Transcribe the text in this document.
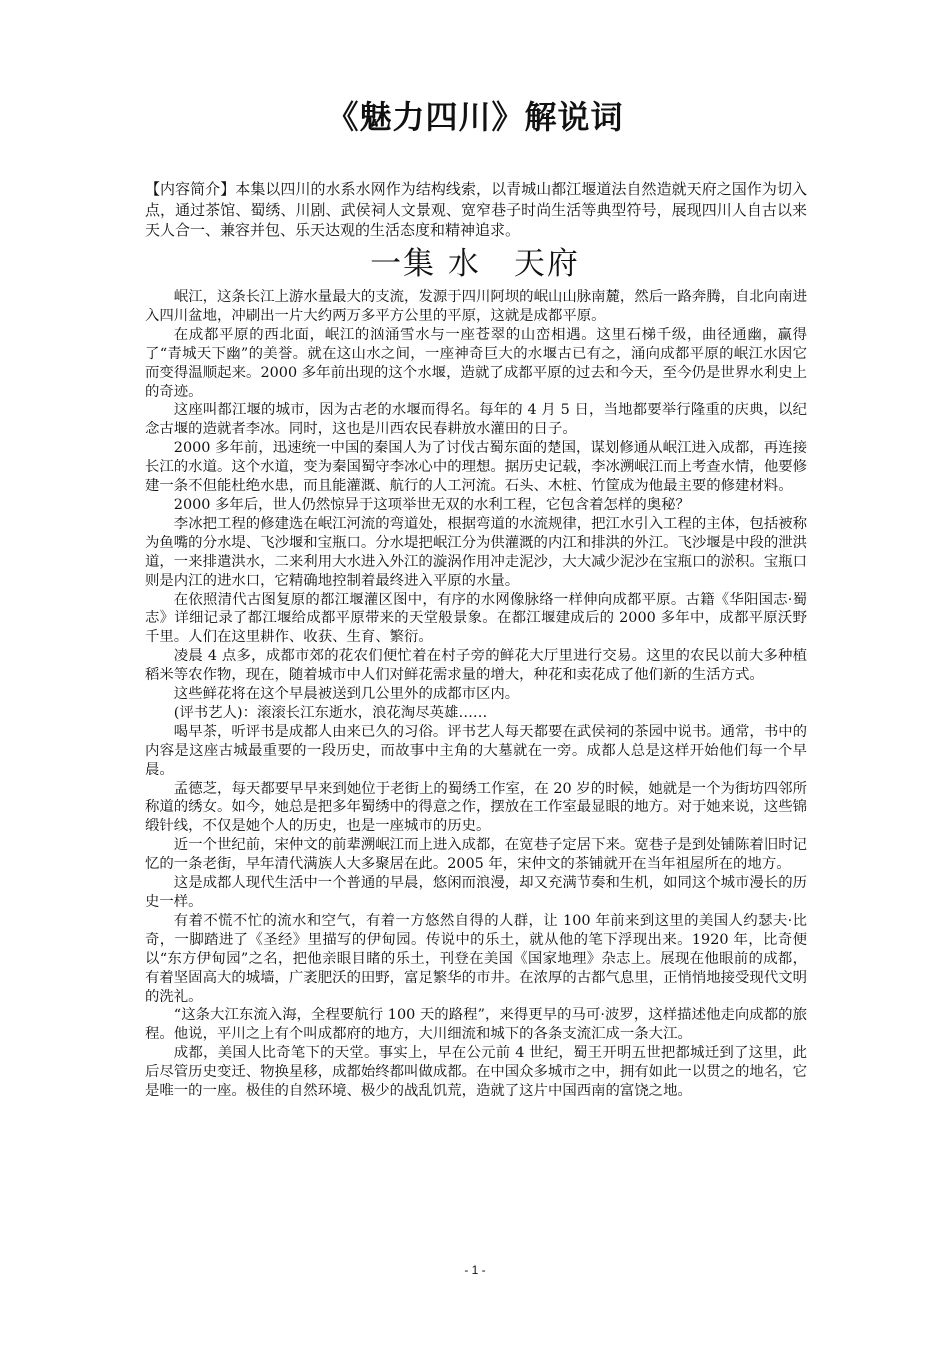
《魅力四川》解说词

【内容简介】本集以四川的水系水网作为结构线索，以青城山都江堰道法自然造就天府之国作为切入点，通过茶馆、蜀绣、川剧、武侯祠人文景观、宽窄巷子时尚生活等典型符号，展现四川人自古以来天人合一、兼容并包、乐天达观的生活态度和精神追求。

一集 水　天府

岷江，这条长江上游水量最大的支流，发源于四川阿坝的岷山山脉南麓，然后一路奔腾，自北向南进入四川盆地，冲刷出一片大约两万多平方公里的平原，这就是成都平原。

在成都平原的西北面，岷江的汹涌雪水与一座苍翠的山峦相遇。这里石梯千级，曲径通幽，赢得了“青城天下幽”的美誉。就在这山水之间，一座神奇巨大的水堰古已有之，涌向成都平原的岷江水因它而变得温顺起来。2000 多年前出现的这个水堰，造就了成都平原的过去和今天，至今仍是世界水利史上的奇迹。

这座叫都江堰的城市，因为古老的水堰而得名。每年的 4 月 5 日，当地都要举行隆重的庆典，以纪念古堰的造就者李冰。同时，这也是川西农民春耕放水灌田的日子。

2000 多年前，迅速统一中国的秦国人为了讨伐古蜀东面的楚国，谋划修通从岷江进入成都，再连接长江的水道。这个水道，变为秦国蜀守李冰心中的理想。据历史记载，李冰溯岷江而上考查水情，他要修建一条不但能杜绝水患，而且能灌溉、航行的人工河流。石头、木桩、竹筐成为他最主要的修建材料。

2000 多年后，世人仍然惊异于这项举世无双的水利工程，它包含着怎样的奥秘？

李冰把工程的修建选在岷江河流的弯道处，根据弯道的水流规律，把江水引入工程的主体，包括被称为鱼嘴的分水堤、飞沙堰和宝瓶口。分水堤把岷江分为供灌溉的内江和排洪的外江。飞沙堰是中段的泄洪道，一来排遣洪水，二来利用大水进入外江的漩涡作用冲走泥沙，大大减少泥沙在宝瓶口的淤积。宝瓶口则是内江的进水口，它精确地控制着最终进入平原的水量。

在依照清代古图复原的都江堰灌区图中，有序的水网像脉络一样伸向成都平原。古籍《华阳国志·蜀志》详细记录了都江堰给成都平原带来的天堂般景象。在都江堰建成后的 2000 多年中，成都平原沃野千里。人们在这里耕作、收获、生育、繁衍。

凌晨 4 点多，成都市郊的花农们便忙着在村子旁的鲜花大厅里进行交易。这里的农民以前大多种植稻米等农作物，现在，随着城市中人们对鲜花需求量的增大，种花和卖花成了他们新的生活方式。

这些鲜花将在这个早晨被送到几公里外的成都市区内。

(评书艺人)：滚滚长江东逝水，浪花淘尽英雄……

喝早茶，听评书是成都人由来已久的习俗。评书艺人每天都要在武侯祠的茶园中说书。通常，书中的内容是这座古城最重要的一段历史，而故事中主角的大墓就在一旁。成都人总是这样开始他们每一个早晨。

孟德芝，每天都要早早来到她位于老街上的蜀绣工作室，在 20 岁的时候，她就是一个为街坊四邻所称道的绣女。如今，她总是把多年蜀绣中的得意之作，摆放在工作室最显眼的地方。对于她来说，这些锦缎针线，不仅是她个人的历史，也是一座城市的历史。

近一个世纪前，宋仲文的前辈溯岷江而上进入成都，在宽巷子定居下来。宽巷子是到处铺陈着旧时记忆的一条老街，早年清代满族人大多聚居在此。2005 年，宋仲文的茶铺就开在当年祖屋所在的地方。

这是成都人现代生活中一个普通的早晨，悠闲而浪漫，却又充满节奏和生机，如同这个城市漫长的历史一样。

有着不慌不忙的流水和空气，有着一方悠然自得的人群，让 100 年前来到这里的美国人约瑟夫·比奇，一脚踏进了《圣经》里描写的伊甸园。传说中的乐土，就从他的笔下浮现出来。1920 年，比奇便以“东方伊甸园”之名，把他亲眼目睹的乐土，刊登在美国《国家地理》杂志上。展现在他眼前的成都，有着坚固高大的城墙，广袤肥沃的田野，富足繁华的市井。在浓厚的古都气息里，正悄悄地接受现代文明的洗礼。

“这条大江东流入海，全程要航行 100 天的路程”，来得更早的马可·波罗，这样描述他走向成都的旅程。他说，平川之上有个叫成都府的地方，大川细流和城下的各条支流汇成一条大江。

成都，美国人比奇笔下的天堂。事实上，早在公元前 4 世纪，蜀王开明五世把都城迁到了这里，此后尽管历史变迁、物换星移，成都始终都叫做成都。在中国众多城市之中，拥有如此一以贯之的地名，它是唯一的一座。极佳的自然环境、极少的战乱饥荒，造就了这片中国西南的富饶之地。

- 1 -
